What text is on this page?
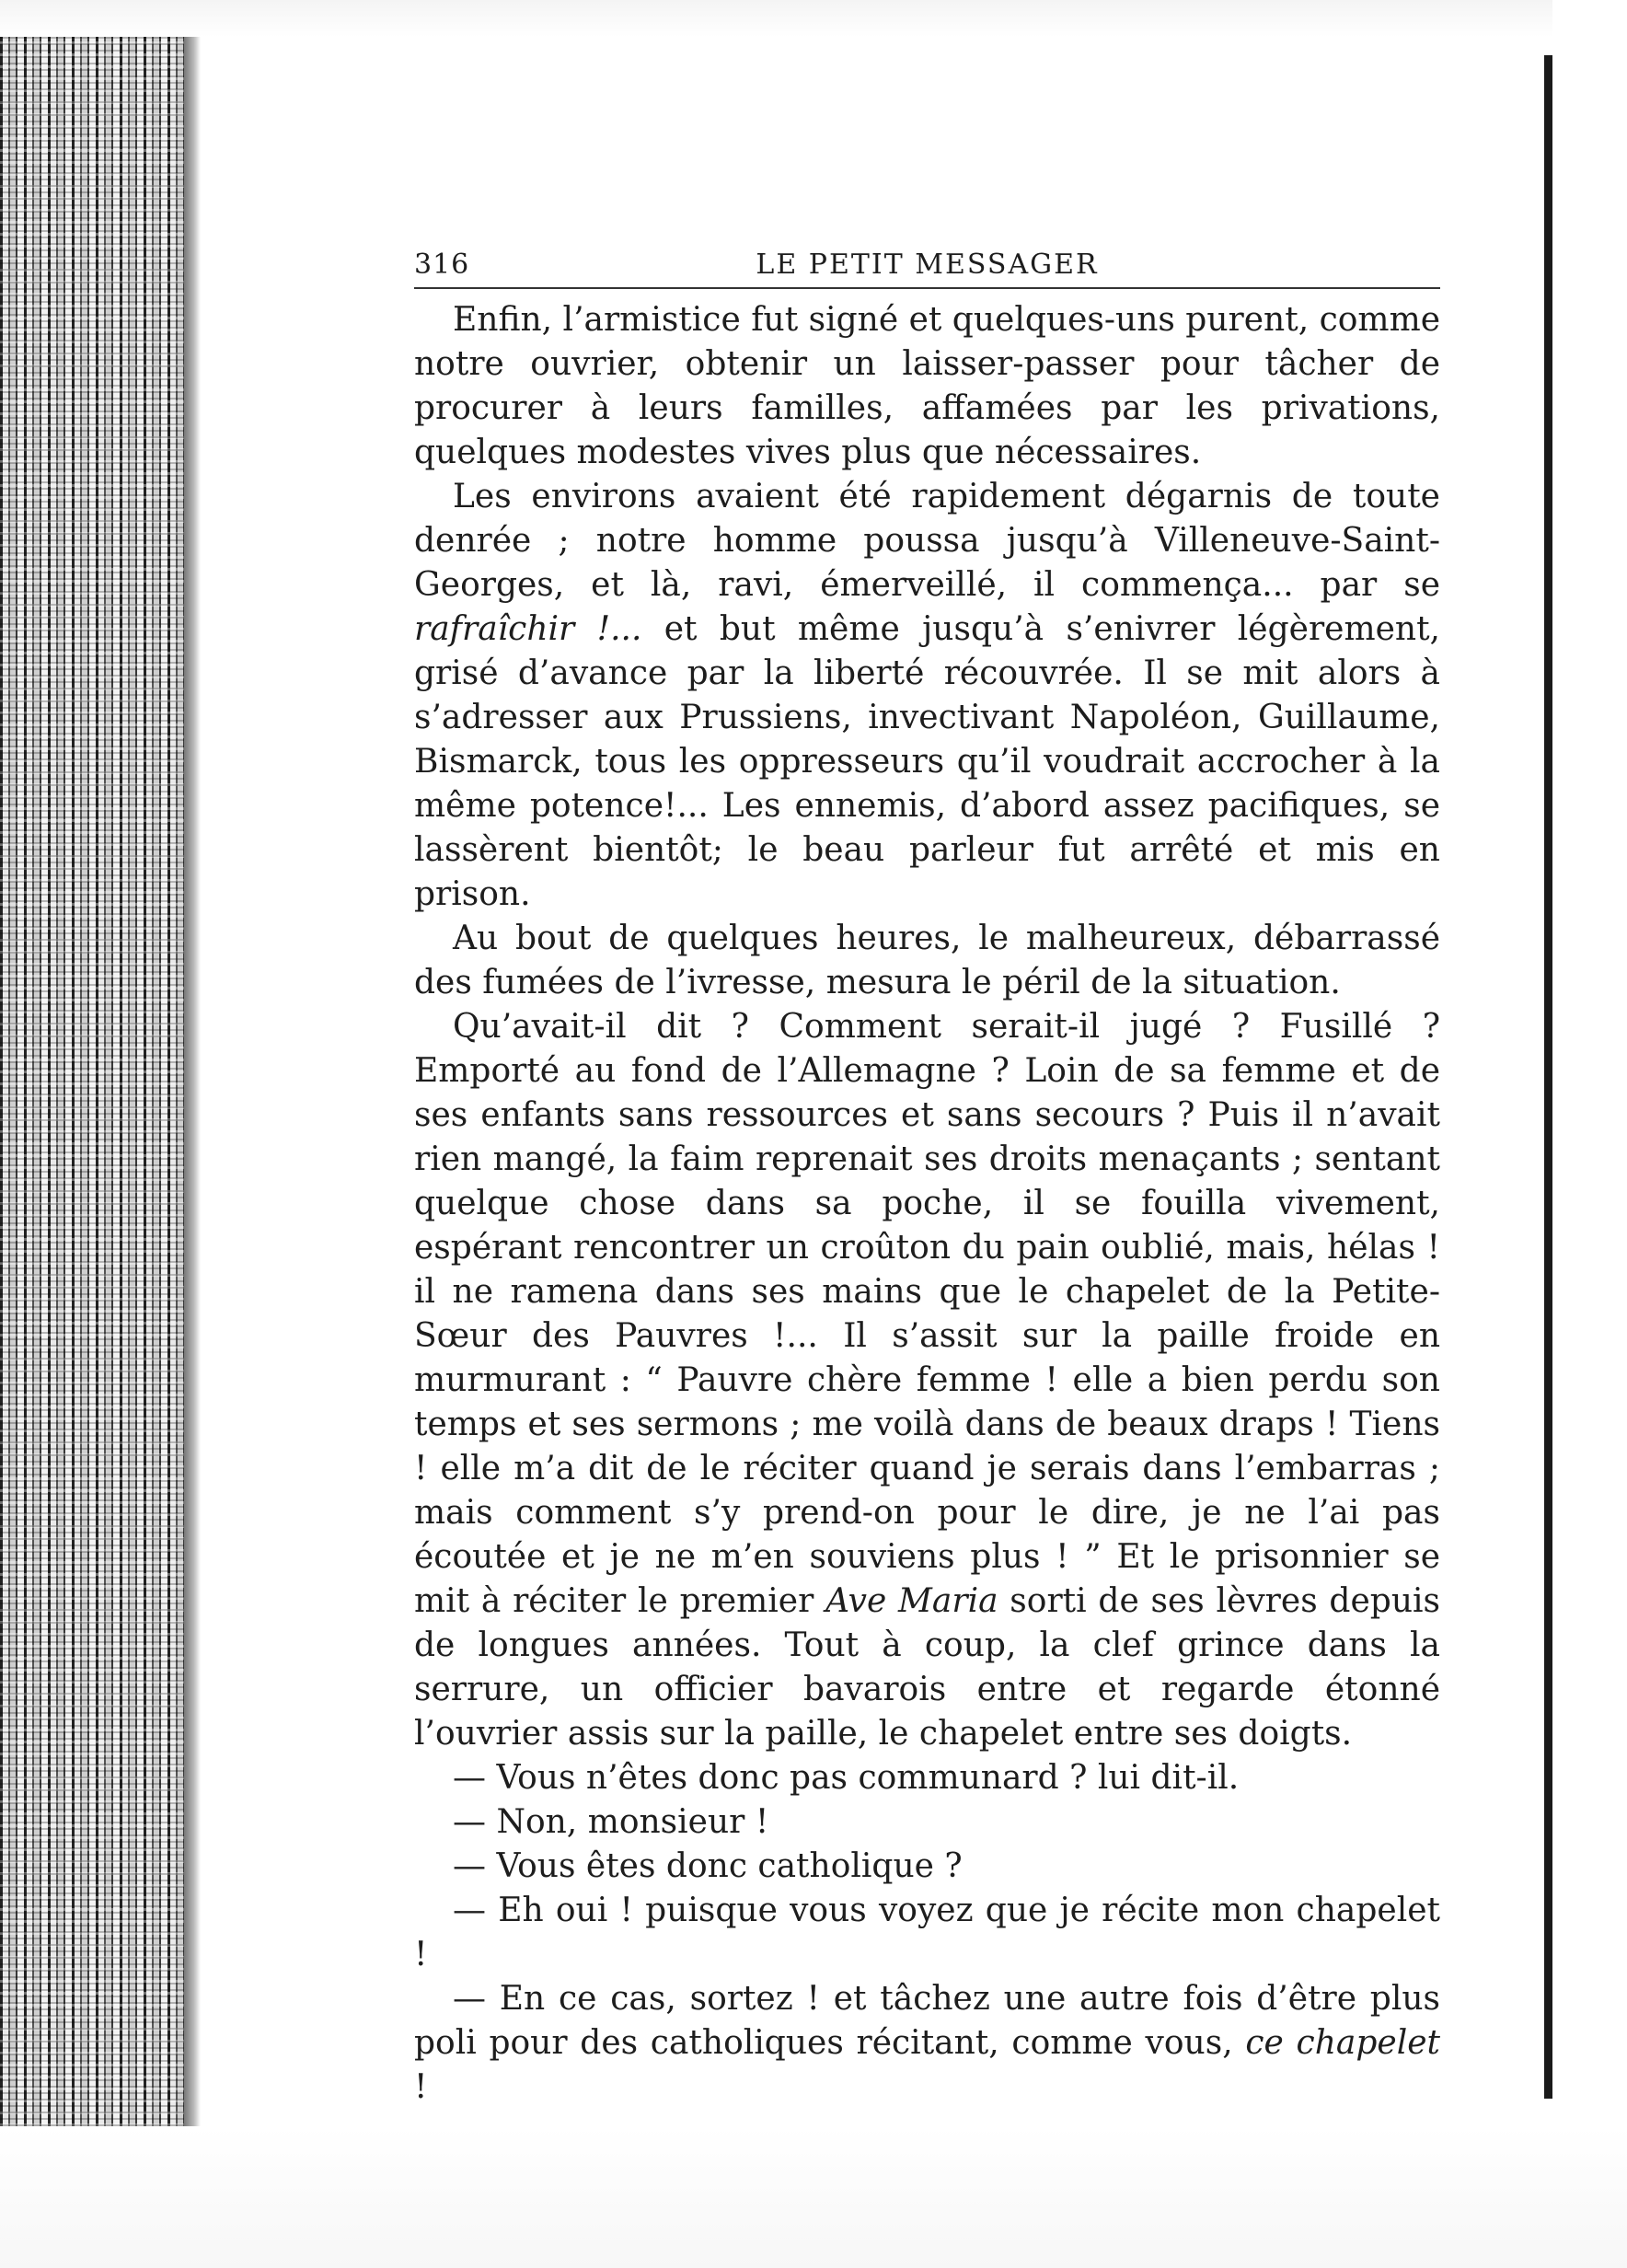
316	LE PETIT MESSAGER

Enfin, l’armistice fut signé et quelques-uns purent, comme notre ouvrier, obtenir un laisser-passer pour tâcher de procurer à leurs familles, affamées par les privations, quelques modestes vives plus que nécessaires.

Les environs avaient été rapidement dégarnis de toute denrée ; notre homme poussa jusqu’à Villeneuve-Saint-Georges, et là, ravi, émerveillé, il commença... par se rafraîchir !... et but même jusqu’à s’enivrer légèrement, grisé d’avance par la liberté récouvrée. Il se mit alors à s’adresser aux Prussiens, invectivant Napoléon, Guillaume, Bismarck, tous les oppresseurs qu’il voudrait accrocher à la même potence!... Les ennemis, d’abord assez pacifiques, se lassèrent bientôt; le beau parleur fut arrêté et mis en prison.

Au bout de quelques heures, le malheureux, débarrassé des fumées de l’ivresse, mesura le péril de la situation.

Qu’avait-il dit ? Comment serait-il jugé ? Fusillé ? Emporté au fond de l’Allemagne ? Loin de sa femme et de ses enfants sans ressources et sans secours ? Puis il n’avait rien mangé, la faim reprenait ses droits menaçants ; sentant quelque chose dans sa poche, il se fouilla vivement, espérant rencontrer un croûton du pain oublié, mais, hélas ! il ne ramena dans ses mains que le chapelet de la Petite-Sœur des Pauvres !... Il s’assit sur la paille froide en murmurant : “ Pauvre chère femme ! elle a bien perdu son temps et ses sermons ; me voilà dans de beaux draps ! Tiens ! elle m’a dit de le réciter quand je serais dans l’embarras ; mais comment s’y prend-on pour le dire, je ne l’ai pas écoutée et je ne m’en souviens plus ! ” Et le prisonnier se mit à réciter le premier Ave Maria sorti de ses lèvres depuis de longues années. Tout à coup, la clef grince dans la serrure, un officier bavarois entre et regarde étonné l’ouvrier assis sur la paille, le chapelet entre ses doigts.

— Vous n’êtes donc pas communard ? lui dit-il.

— Non, monsieur !

— Vous êtes donc catholique ?

— Eh oui ! puisque vous voyez que je récite mon chapelet !

— En ce cas, sortez ! et tâchez une autre fois d’être plus poli pour des catholiques récitant, comme vous, ce chapelet !
